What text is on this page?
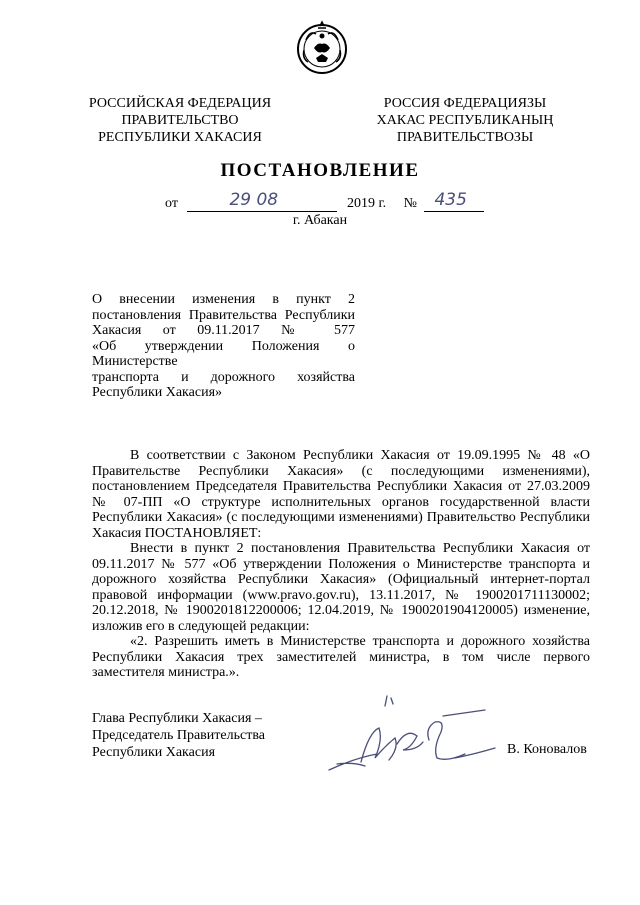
РОССИЙСКАЯ ФЕДЕРАЦИЯ
ПРАВИТЕЛЬСТВО
РЕСПУБЛИКИ ХАКАСИЯ
РОССИЯ ФЕДЕРАЦИЯЗЫ
ХАКАС РЕСПУБЛИКАНЫҢ
ПРАВИТЕЛЬСТВОЗЫ
ПОСТАНОВЛЕНИЕ
от	29 08	2019 г. № 435
г. Абакан
О внесении изменения в пункт 2
постановления Правительства Республики
Хакасия от 09.11.2017 № 577
«Об утверждении Положения о Министерстве
транспорта и дорожного хозяйства
Республики Хакасия»

В соответствии с Законом Республики Хакасия от 19.09.1995 № 48 «О Правительстве Республики Хакасия» (с последующими изменениями), постановлением Председателя Правительства Республики Хакасия от 27.03.2009 № 07-ПП «О структуре исполнительных органов государственной власти Республики Хакасия» (с последующими изменениями) Правительство Республики Хакасия ПОСТАНОВЛЯЕТ:

Внести в пункт 2 постановления Правительства Республики Хакасия от 09.11.2017 № 577 «Об утверждении Положения о Министерстве транспорта и дорожного хозяйства Республики Хакасия» (Официальный интернет-портал правовой информации (www.pravo.gov.ru), 13.11.2017, № 1900201711130002; 20.12.2018, № 1900201812200006; 12.04.2019, № 1900201904120005) изменение, изложив его в следующей редакции:

«2. Разрешить иметь в Министерстве транспорта и дорожного хозяйства Республики Хакасия трех заместителей министра, в том числе первого заместителя министра.».

Глава Республики Хакасия –
Председатель Правительства
Республики Хакасия	В. Коновалов
